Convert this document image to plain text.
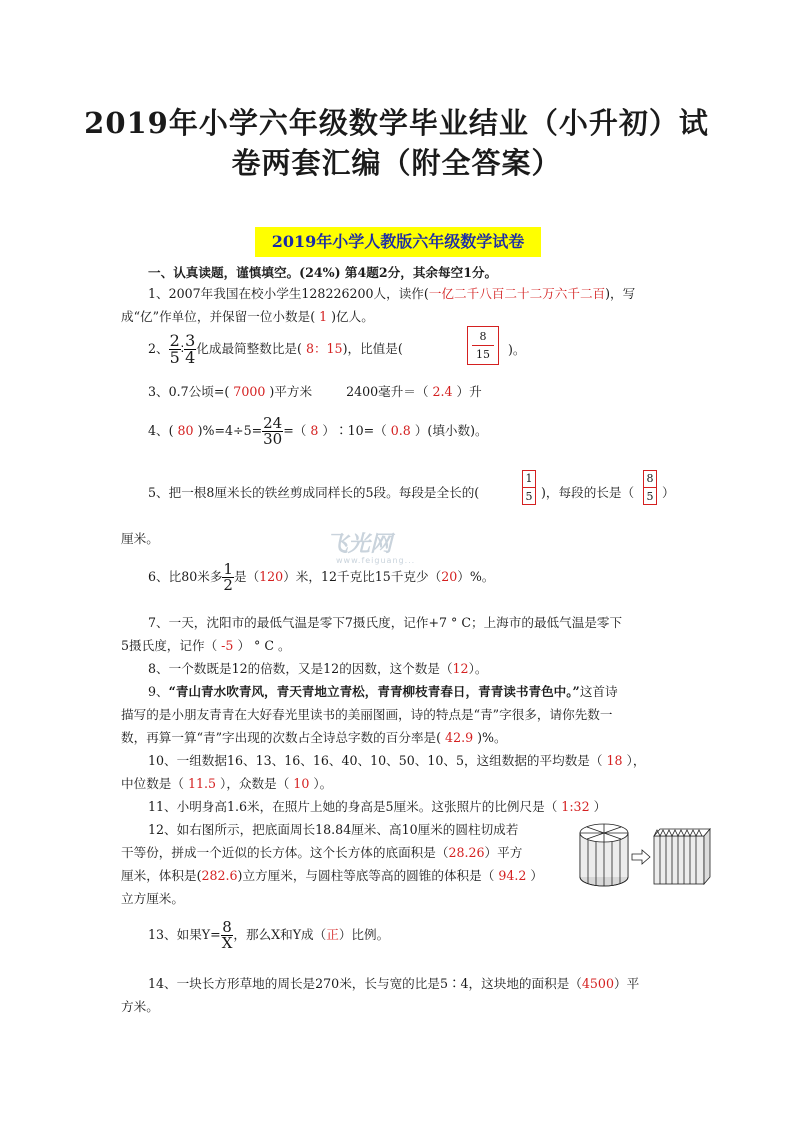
2019年小学六年级数学毕业结业（小升初）试
卷两套汇编（附全答案）
2019年小学人教版六年级数学试卷
一、认真读题，谨慎填空。(24%) 第4题2分，其余每空1分。
1、2007年我国在校小学生128226200人，读作(一亿二千八百二十二万六千二百)，写
成“亿”作单位，并保留一位小数是( 1 )亿人。
2、 $\frac{2}{5}$ ∶ $\frac{3}{4}$ 化成最简整数比是( 8：15)，比值是(	$\frac{8}{15}$ )。
3、0.7公顷=( 7000 )平方米	2400毫升＝（ 2.4 ）升
4、( 80 )$\%=4\div 5= \frac{24}{30}$ =（ 8 ）∶10=（ 0.8 ）(填小数)。
5、把一根8厘米长的铁丝剪成同样长的5段。每段是全长的(	$\frac{1}{5}$ )，每段的长是（ $\frac{8}{5}$ ）
厘米。	飞光网
www.feiguang...
6、比80米多 $\frac{1}{2}$ 是（120）米，12千克比15千克少（20）%。
7、一天，沈阳市的最低气温是零下7摄氏度，记作+7 ° C；上海市的最低气温是零下
5摄氏度，记作（ -5 ） ° C 。
8、一个数既是12的倍数，又是12的因数，这个数是（12）。
9、“青山青水吹青风，青天青地立青松，青青柳枝青春日，青青读书青色中。”这首诗
描写的是小朋友青青在大好春光里读书的美丽图画，诗的特点是“青”字很多，请你先数一
数，再算一算“青”字出现的次数占全诗总字数的百分率是( 42.9 )%。
10、一组数据16、13、16、16、40、10、50、10、5，这组数据的平均数是（ 18 ），
中位数是（ 11.5 ），众数是（ 10 ）。
11、小明身高1.6米，在照片上她的身高是5厘米。这张照片的比例尺是（ 1:32 ）
12、如右图所示，把底面周长18.84厘米、高10厘米的圆柱切成若
干等份，拼成一个近似的长方体。这个长方体的底面积是（28.26）平方
厘米，体积是(282.6)立方厘米，与圆柱等底等高的圆锥的体积是（ 94.2 ）
立方厘米。
13、如果$Y= \frac{8}{X}$ ，那么X和Y成（正）比例。
14、一块长方形草地的周长是270米，长与宽的比是5∶4，这块地的面积是（4500）平
方米。
